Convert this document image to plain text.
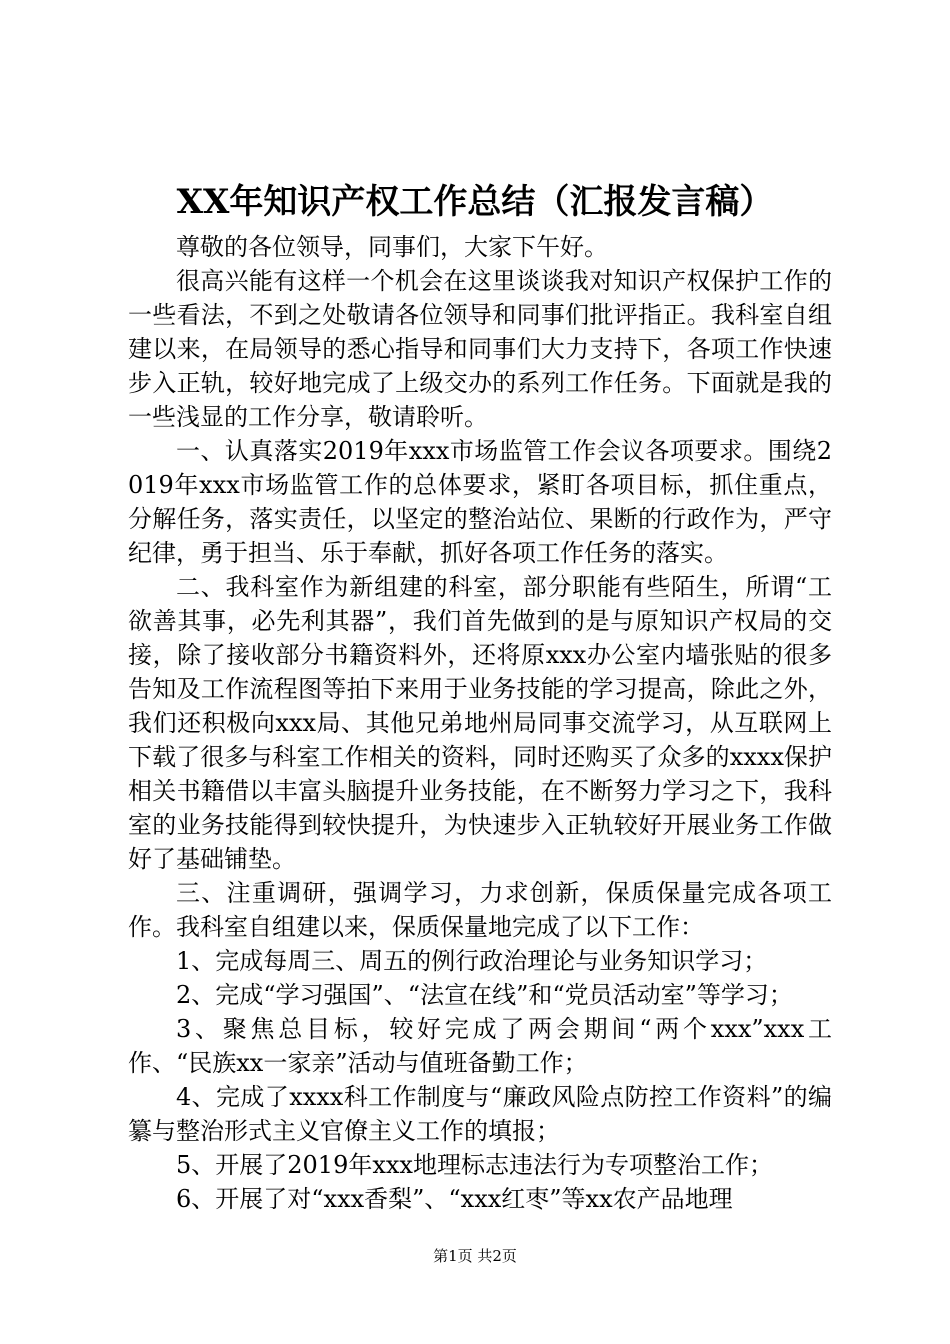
XX年知识产权工作总结（汇报发言稿）

尊敬的各位领导，同事们，大家下午好。

很高兴能有这样一个机会在这里谈谈我对知识产权保护工作的一些看法，不到之处敬请各位领导和同事们批评指正。我科室自组建以来，在局领导的悉心指导和同事们大力支持下，各项工作快速步入正轨，较好地完成了上级交办的系列工作任务。下面就是我的一些浅显的工作分享，敬请聆听。

一、认真落实2019年xxx市场监管工作会议各项要求。围绕2019年xxx市场监管工作的总体要求，紧盯各项目标，抓住重点，分解任务，落实责任，以坚定的整治站位、果断的行政作为，严守纪律，勇于担当、乐于奉献，抓好各项工作任务的落实。

二、我科室作为新组建的科室，部分职能有些陌生，所谓“工欲善其事，必先利其器”，我们首先做到的是与原知识产权局的交接，除了接收部分书籍资料外，还将原xxx办公室内墙张贴的很多告知及工作流程图等拍下来用于业务技能的学习提高，除此之外，我们还积极向xxx局、其他兄弟地州局同事交流学习，从互联网上下载了很多与科室工作相关的资料，同时还购买了众多的xxxx保护相关书籍借以丰富头脑提升业务技能，在不断努力学习之下，我科室的业务技能得到较快提升，为快速步入正轨较好开展业务工作做好了基础铺垫。

三、注重调研，强调学习，力求创新，保质保量完成各项工作。我科室自组建以来，保质保量地完成了以下工作：

1、完成每周三、周五的例行政治理论与业务知识学习；

2、完成“学习强国”、“法宣在线”和“党员活动室”等学习；

3、聚焦总目标，较好完成了两会期间“两个xxx”xxx工作、“民族xx一家亲”活动与值班备勤工作；

4、完成了xxxx科工作制度与“廉政风险点防控工作资料”的编纂与整治形式主义官僚主义工作的填报；

5、开展了2019年xxx地理标志违法行为专项整治工作；

6、开展了对“xxx香梨”、“xxx红枣”等xx农产品地理

第1页 共2页
